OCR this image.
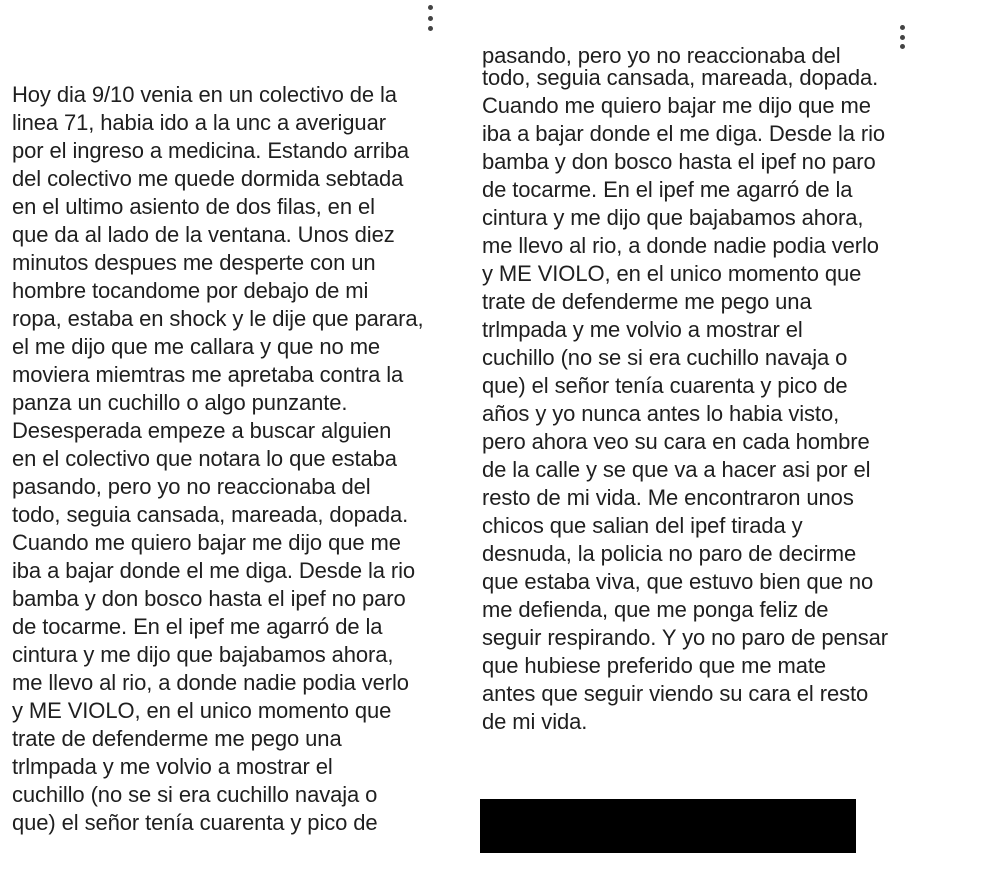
Hoy dia 9/10 venia en un colectivo de la
linea 71, habia ido a la unc a averiguar
por el ingreso a medicina. Estando arriba
del colectivo me quede dormida sebtada
en el ultimo asiento de dos filas, en el
que da al lado de la ventana. Unos diez
minutos despues me desperte con un
hombre tocandome por debajo de mi
ropa, estaba en shock y le dije que parara,
el me dijo que me callara y que no me
moviera miemtras me apretaba contra la
panza un cuchillo o algo punzante.
Desesperada empeze a buscar alguien
en el colectivo que notara lo que estaba
pasando, pero yo no reaccionaba del
todo, seguia cansada, mareada, dopada.
Cuando me quiero bajar me dijo que me
iba a bajar donde el me diga. Desde la rio
bamba y don bosco hasta el ipef no paro
de tocarme. En el ipef me agarró de la
cintura y me dijo que bajabamos ahora,
me llevo al rio, a donde nadie podia verlo
y ME VIOLO, en el unico momento que
trate de defenderme me pego una
trlmpada y me volvio a mostrar el
cuchillo (no se si era cuchillo navaja o
que) el señor tenía cuarenta y pico de
pasando, pero yo no reaccionaba del
todo, seguia cansada, mareada, dopada.
Cuando me quiero bajar me dijo que me
iba a bajar donde el me diga. Desde la rio
bamba y don bosco hasta el ipef no paro
de tocarme. En el ipef me agarró de la
cintura y me dijo que bajabamos ahora,
me llevo al rio, a donde nadie podia verlo
y ME VIOLO, en el unico momento que
trate de defenderme me pego una
trlmpada y me volvio a mostrar el
cuchillo (no se si era cuchillo navaja o
que) el señor tenía cuarenta y pico de
años y yo nunca antes lo habia visto,
pero ahora veo su cara en cada hombre
de la calle y se que va a hacer asi por el
resto de mi vida. Me encontraron unos
chicos que salian del ipef tirada y
desnuda, la policia no paro de decirme
que estaba viva, que estuvo bien que no
me defienda, que me ponga feliz de
seguir respirando. Y yo no paro de pensar
que hubiese preferido que me mate
antes que seguir viendo su cara el resto
de mi vida.
